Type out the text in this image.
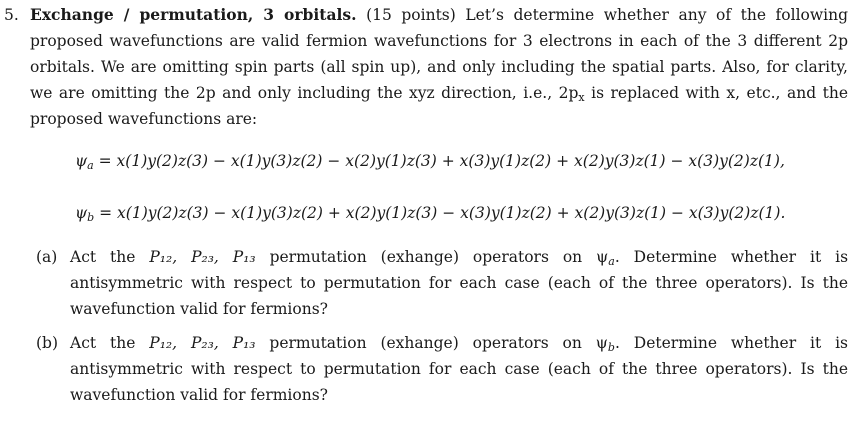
5. Exchange / permutation, 3 orbitals. (15 points) Let’s determine whether any of the following proposed wavefunctions are valid fermion wavefunctions for 3 electrons in each of the 3 different 2p orbitals. We are omitting spin parts (all spin up), and only including the spatial parts. Also, for clarity, we are omitting the 2p and only including the xyz direction, i.e., $2p_x$ is replaced with x, etc., and the proposed wavefunctions are:
$\psi_a = x(1)y(2)z(3) - x(1)y(3)z(2) - x(2)y(1)z(3) + x(3)y(1)z(2) + x(2)y(3)z(1) - x(3)y(2)z(1)$,
$\psi_b = x(1)y(2)z(3) - x(1)y(3)z(2) + x(2)y(1)z(3) - x(3)y(1)z(2) + x(2)y(3)z(1) - x(3)y(2)z(1)$.
(a) Act the P₁₂, P₂₃, P₁₃ permutation (exhange) operators on $\psi_a$. Determine whether it is antisymmetric with respect to permutation for each case (each of the three operators). Is the wavefunction valid for fermions?
(b) Act the P₁₂, P₂₃, P₁₃ permutation (exhange) operators on $\psi_b$. Determine whether it is antisymmetric with respect to permutation for each case (each of the three operators). Is the wavefunction valid for fermions?
